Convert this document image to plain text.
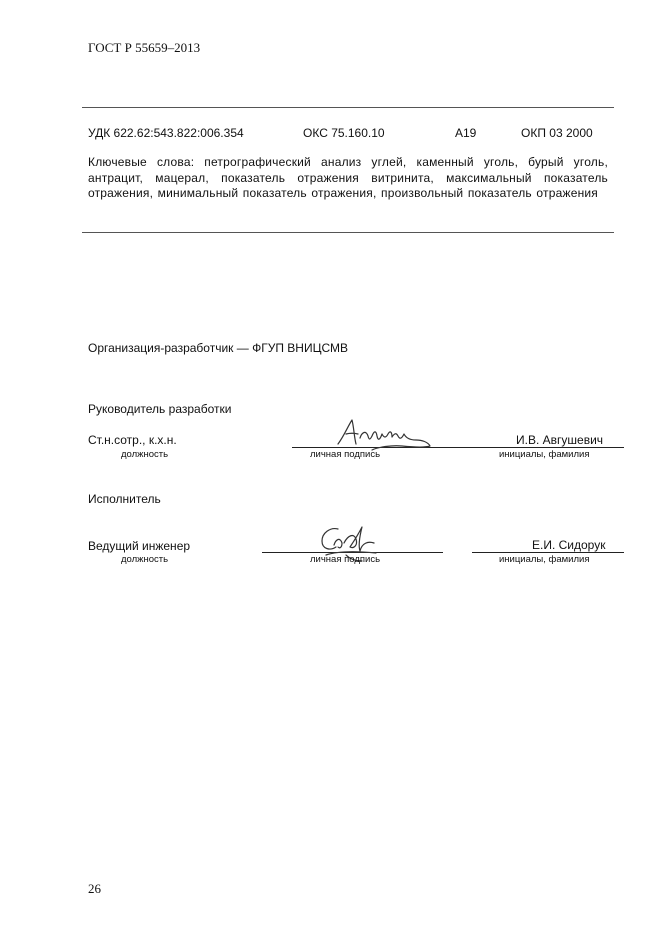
ГОСТ Р 55659–2013
УДК 622.62:543.822:006.354	ОКС 75.160.10	А19	ОКП 03 2000
Ключевые слова: петрографический анализ углей, каменный уголь, бурый уголь, антрацит, мацерал, показатель отражения витринита, максимальный показатель отражения, минимальный показатель отражения, произвольный показатель отражения
Организация-разработчик — ФГУП ВНИЦСМВ
Руководитель разработки
Ст.н.сотр., к.х.н.	И.В. Авгушевич
должность	личная подпись	инициалы, фамилия
Исполнитель
Ведущий инженер	Е.И. Сидорук
должность	личная подпись	инициалы, фамилия
26
